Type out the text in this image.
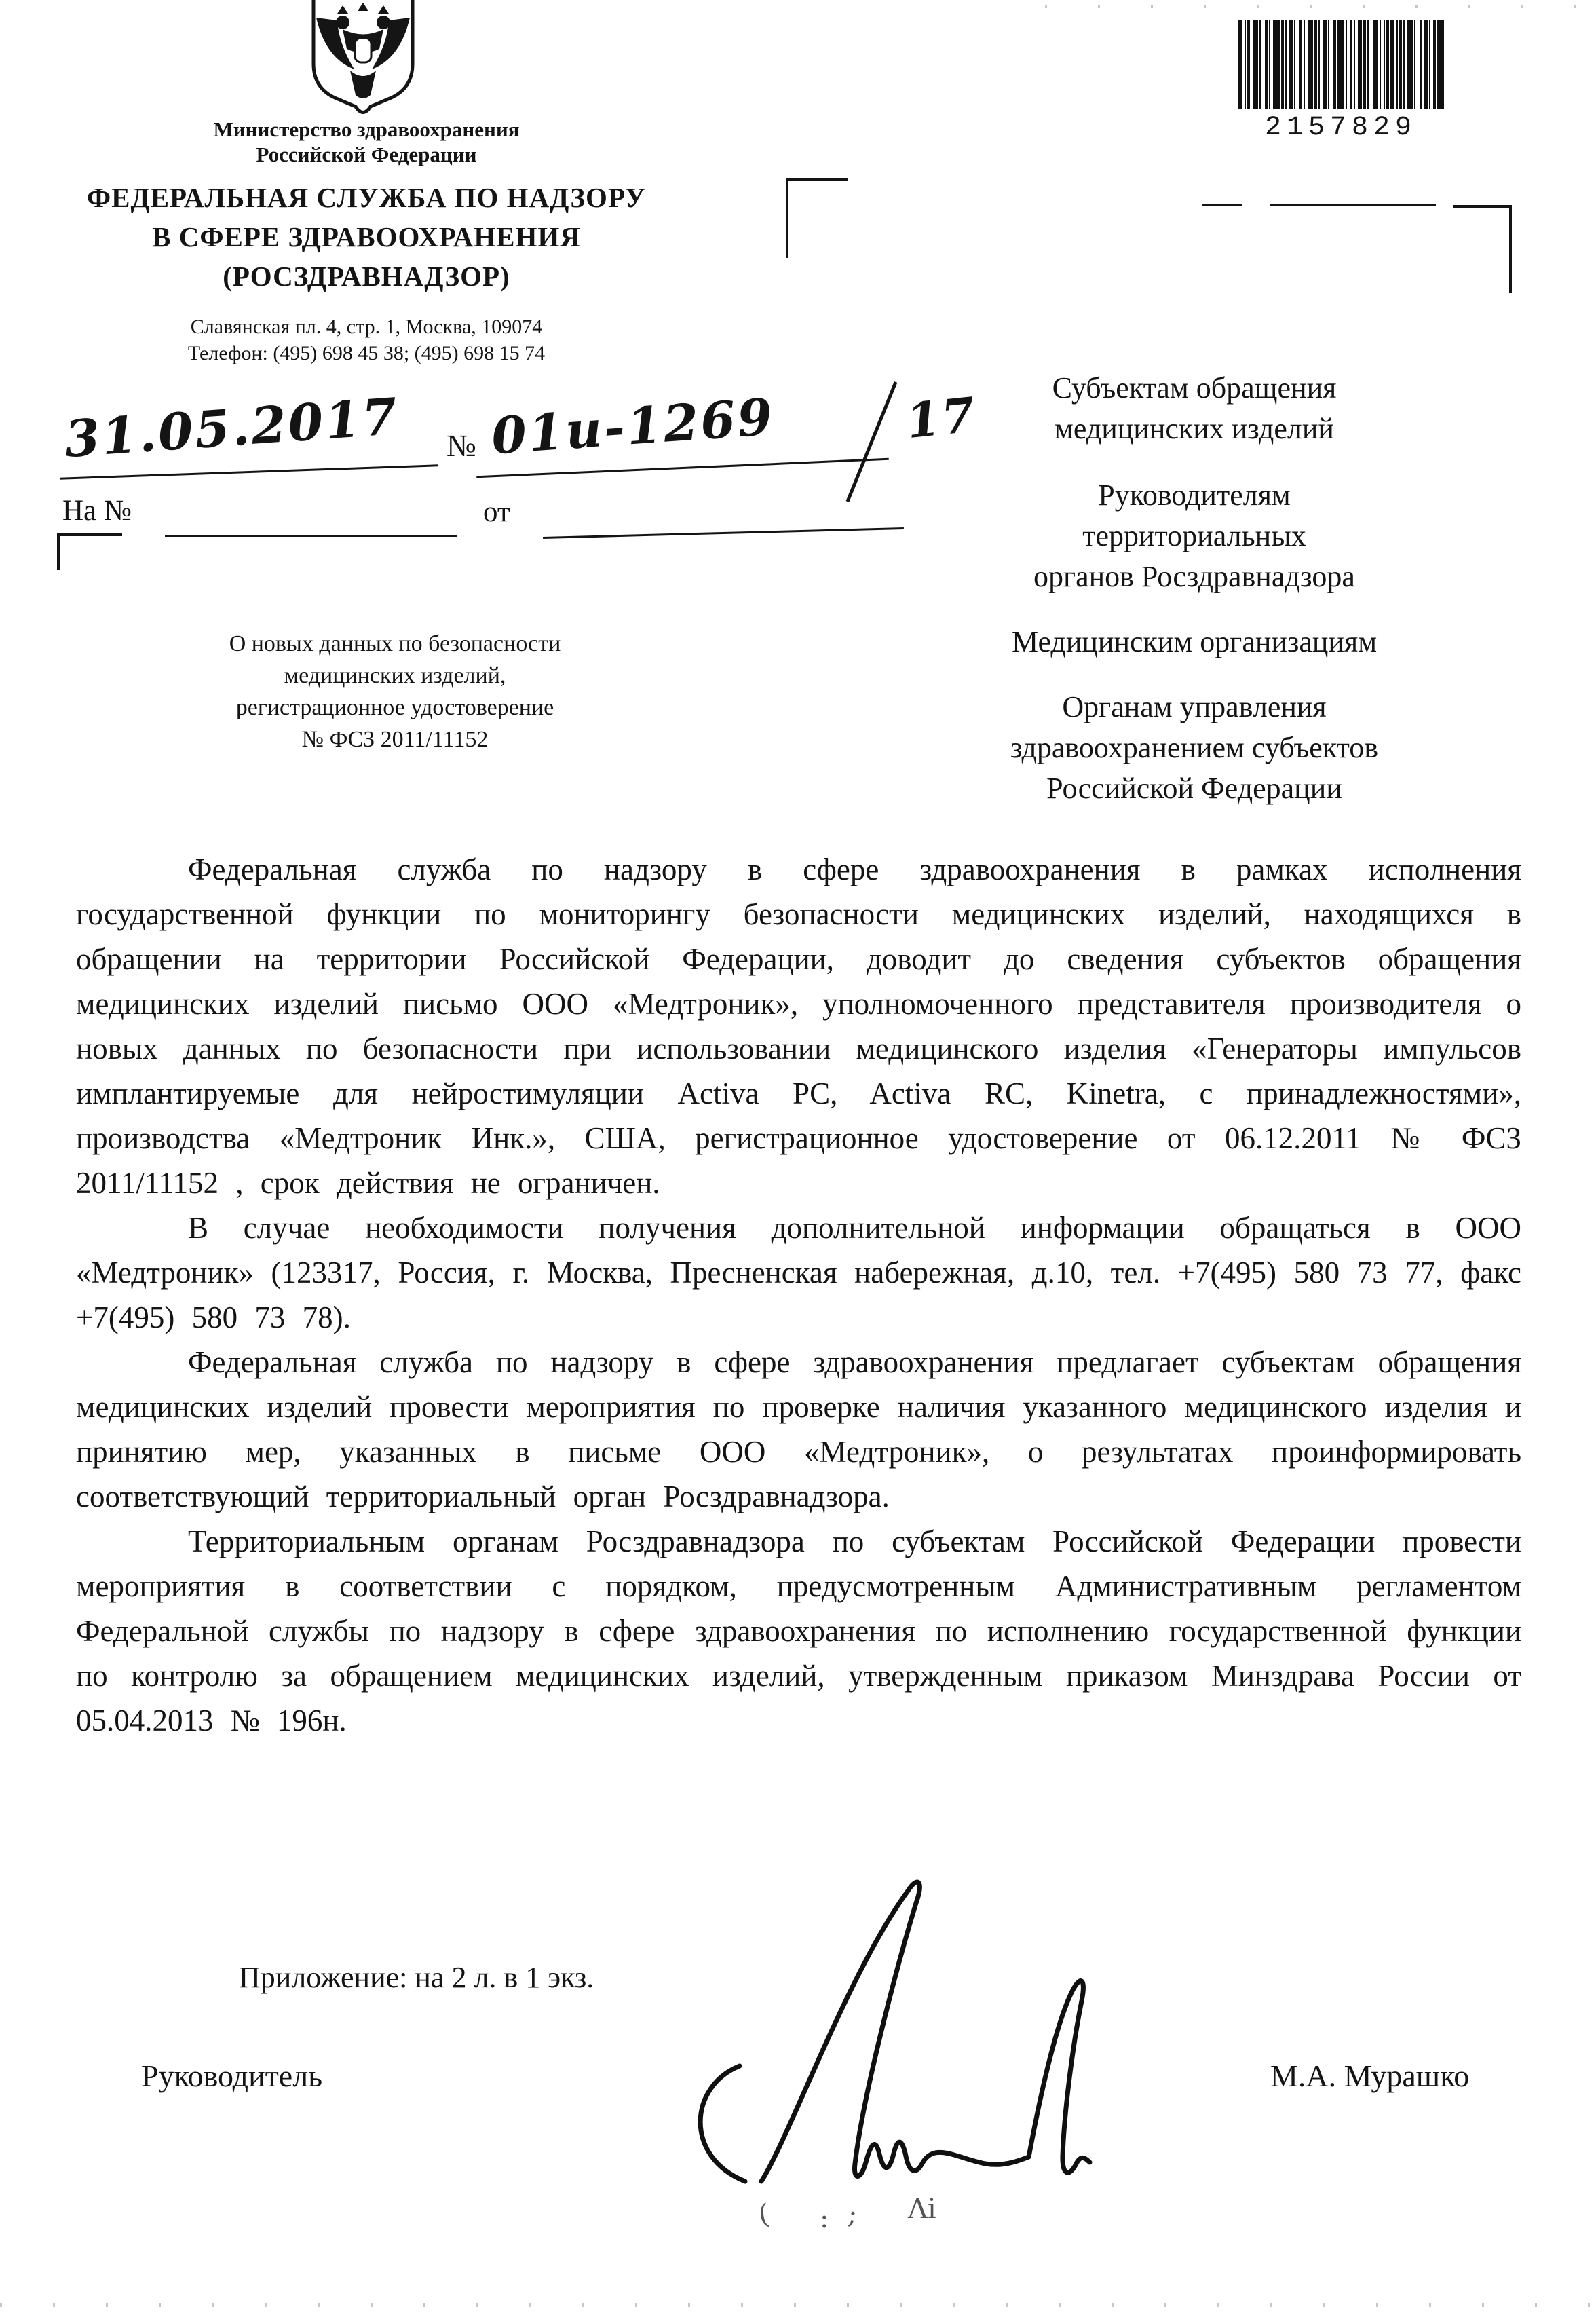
Министерство здравоохранения
Российской Федерации
ФЕДЕРАЛЬНАЯ СЛУЖБА ПО НАДЗОРУ
В СФЕРЕ ЗДРАВООХРАНЕНИЯ
(РОСЗДРАВНАДЗОР)
Славянская пл. 4, стр. 1, Москва, 109074
Телефон: (495) 698 45 38; (495) 698 15 74
31.05.2017 № 01и-1269	17
На №	от
2157829
Субъектам обращения
медицинских изделий
Руководителям
территориальных
органов Росздравнадзора
Медицинским организациям
Органам управления
здравоохранением субъектов
Российской Федерации
О новых данных по безопасности
медицинских изделий,
регистрационное удостоверение
№ ФСЗ 2011/11152

Федеральная служба по надзору в сфере здравоохранения в рамках исполнения государственной функции по мониторингу безопасности медицинских изделий, находящихся в обращении на территории Российской Федерации, доводит до сведения субъектов обращения медицинских изделий письмо ООО «Медтроник», уполномоченного представителя производителя о новых данных по безопасности при использовании медицинского изделия «Генераторы импульсов имплантируемые для нейростимуляции Activa PC, Activa RC, Kinetra, с принадлежностями», производства «Медтроник Инк.», США, регистрационное удостоверение от 06.12.2011 № ФСЗ 2011/11152 , срок действия не ограничен.

В случае необходимости получения дополнительной информации обращаться в ООО «Медтроник» (123317, Россия, г. Москва, Пресненская набережная, д.10, тел. +7(495) 580 73 77, факс +7(495) 580 73 78).

Федеральная служба по надзору в сфере здравоохранения предлагает субъектам обращения медицинских изделий провести мероприятия по проверке наличия указанного медицинского изделия и принятию мер, указанных в письме ООО «Медтроник», о результатах проинформировать соответствующий территориальный орган Росздравнадзора.

Территориальным органам Росздравнадзора по субъектам Российской Федерации провести мероприятия в соответствии с порядком, предусмотренным Административным регламентом Федеральной службы по надзору в сфере здравоохранения по исполнению государственной функции по контролю за обращением медицинских изделий, утвержденным приказом Минздрава России от 05.04.2013 № 196н.

Приложение: на 2 л. в 1 экз.
Руководитель	М.А. Мурашко
( : ; Λi
